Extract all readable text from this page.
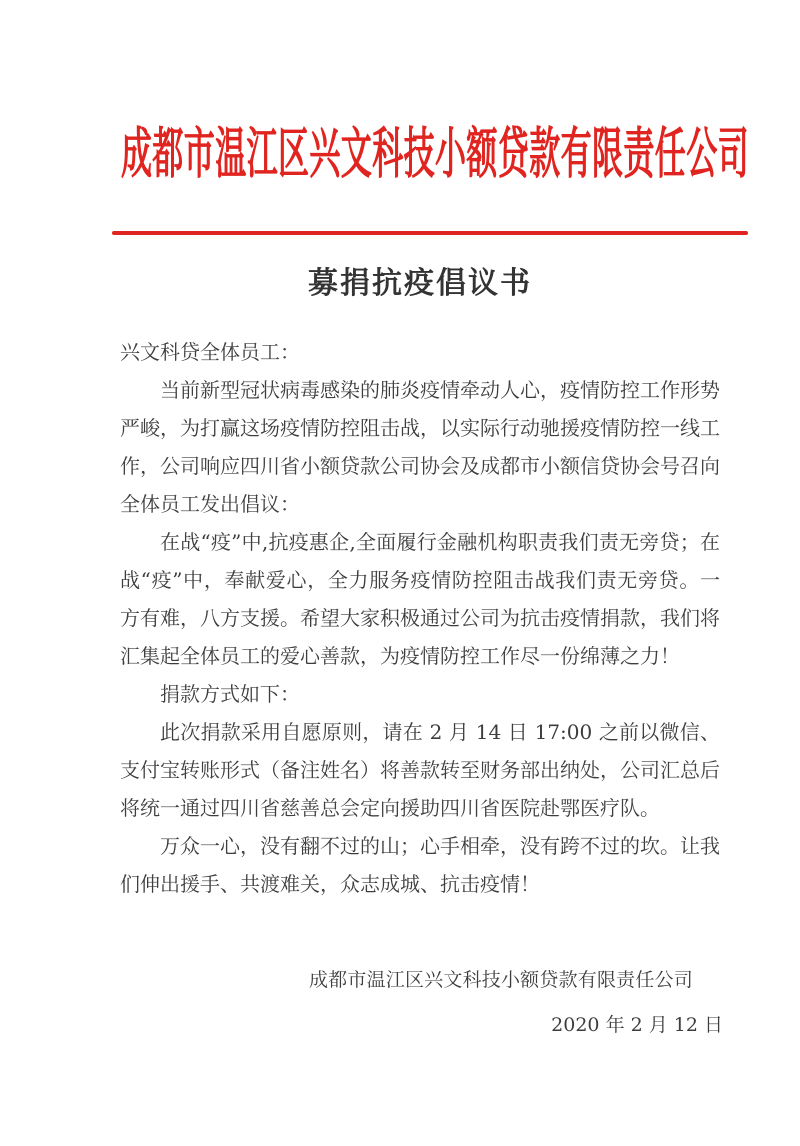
成都市温江区兴文科技小额贷款有限责任公司
募捐抗疫倡议书

兴文科贷全体员工：

当前新型冠状病毒感染的肺炎疫情牵动人心，疫情防控工作形势严峻，为打赢这场疫情防控阻击战，以实际行动驰援疫情防控一线工作，公司响应四川省小额贷款公司协会及成都市小额信贷协会号召向全体员工发出倡议：

在战“疫”中,抗疫惠企,全面履行金融机构职责我们责无旁贷；在战“疫”中，奉献爱心，全力服务疫情防控阻击战我们责无旁贷。一方有难，八方支援。希望大家积极通过公司为抗击疫情捐款，我们将汇集起全体员工的爱心善款，为疫情防控工作尽一份绵薄之力！

捐款方式如下：

此次捐款采用自愿原则，请在 2 月 14 日 17:00 之前以微信、支付宝转账形式（备注姓名）将善款转至财务部出纳处，公司汇总后将统一通过四川省慈善总会定向援助四川省医院赴鄂医疗队。

万众一心，没有翻不过的山；心手相牵，没有跨不过的坎。让我们伸出援手、共渡难关，众志成城、抗击疫情！

成都市温江区兴文科技小额贷款有限责任公司
2020 年 2 月 12 日
